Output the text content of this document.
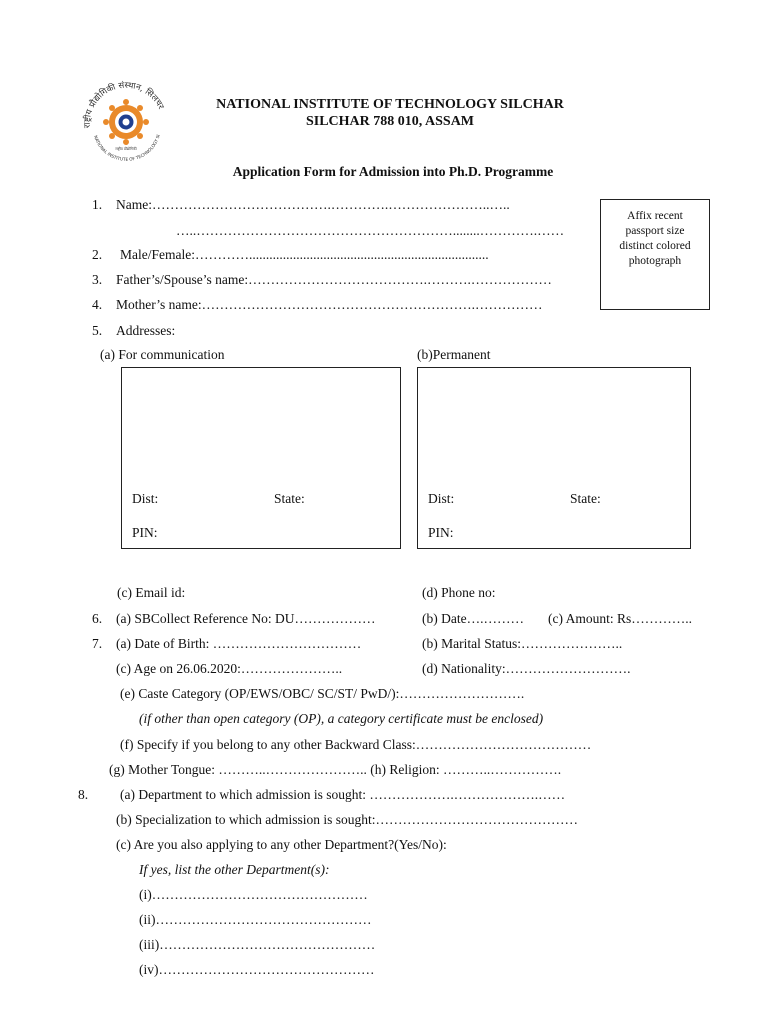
राष्ट्रीय प्रौद्योगिकी संस्थान, सिलचर
NATIONAL INSTITUTE OF TECHNOLOGY SI
राष्ट्रीय प्रौद्योगिकी
NATIONAL INSTITUTE OF TECHNOLOGY SILCHAR
SILCHAR 788 010, ASSAM
Application Form for Admission into Ph.D. Programme
Affix recent
passport size
distinct colored
photograph
1. Name:………………………………….………….…………………..…..
…..…………………………………………………........………….……
2. Male/Female:………….......................................................................
3. Father’s/Spouse’s name:………………………………….……….………………
4. Mother’s name:…………………………………………………….……………
5. Addresses:
(a) For communication	(b)Permanent
Dist:	State:
PIN:
Dist:	State:
PIN:
(c) Email id:	(d) Phone no:
6. (a) SBCollect Reference No: DU………………	(b) Date….……… (c) Amount: Rs…………..
7. (a) Date of Birth: ……………………………	(b) Marital Status:…………………..
(c) Age on 26.06.2020:…………………..	(d) Nationality:……………………….
(e) Caste Category (OP/EWS/OBC/ SC/ST/ PwD/):……………………….
(if other than open category (OP), a category certificate must be enclosed)
(f) Specify if you belong to any other Backward Class:…………………………………
(g) Mother Tongue: ………..………………….. (h) Religion: ………..…………….
8. (a) Department to which admission is sought: ……………….……………….……
(b) Specialization to which admission is sought:………………………………………
(c) Are you also applying to any other Department?(Yes/No):
If yes, list the other Department(s):
(i)…………………………………………
(ii)…………………………………………
(iii)…………………………………………
(iv)…………………………………………
